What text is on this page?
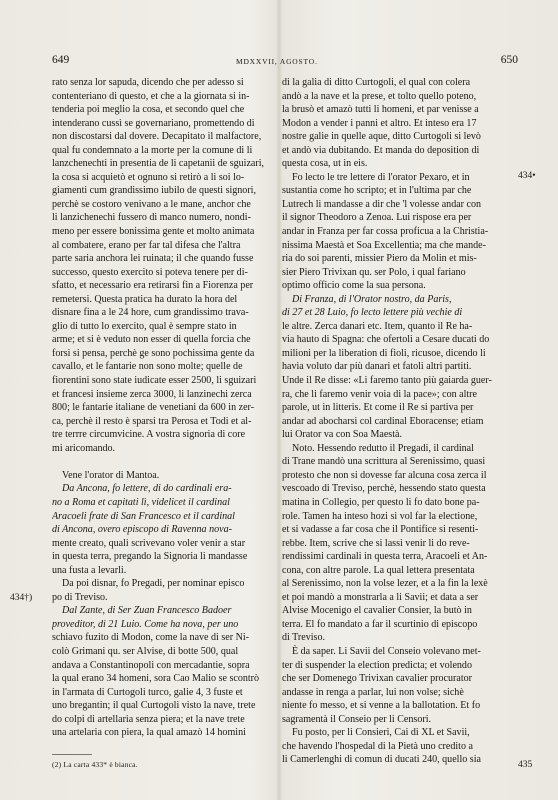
649	MDXXVII, AGOSTO.	650
434†)
434•
435
rato senza lor sapuda, dicendo che per adesso si
contenteriano di questo, et che a la giornata si in-
tenderia poi meglio la cosa, et secondo quel che
intenderano cussì se governariano, promettendo di
non discostarsi dal dovere. Decapitato il malfactore,
qual fu condemnato a la morte per la comune di li
lanzchenechti in presentia de li capetanii de sguizari,
la cosa si acquietò et ognuno si retirò a li soi lo-
giamenti cum grandissimo iubilo de questi signori,
perchè se costoro venivano a le mane, anchor che
li lanzichenechi fussero di manco numero, nondi-
meno per essere bonissima gente et molto animata
al combatere, erano per far tal difesa che l'altra
parte saria anchora lei ruinata; il che quando fusse
successo, questo exercito si poteva tenere per di-
sfatto, et necessario era retirarsi fin a Fiorenza per
remetersi. Questa pratica ha durato la hora del
disnare fina a le 24 hore, cum grandissimo trava-
glio di tutto lo exercito, qual è sempre stato in
arme; et si è veduto non esser di quella forcia che
forsi si pensa, perchè ge sono pochissima gente da
cavallo, et le fantarie non sono molte; quelle de
fiorentini sono state iudicate esser 2500, li sguizari
et francesi insieme zerca 3000, li lanzinechi zerca
800; le fantarie italiane de venetiani da 600 in zer-
ca, perchè il resto è sparsi tra Perosa et Todi et al-
tre terrre circumvicine. A vostra signoria di core
mi aricomando.

Vene l'orator di Mantoa.
Da Ancona, fo lettere, di do cardinali era-
no a Roma et capitati lì, videlicet il cardinal
Aracoeli frate di San Francesco et il cardinal
di Ancona, overo episcopo di Ravenna nova-
mente creato, quali scrivevano voler venir a star
in questa terra, pregando la Signoria li mandasse
una fusta a levarli.
Da poi disnar, fo Pregadi, per nominar episco
po di Treviso.
Dal Zante, di Ser Zuan Francesco Badoer
proveditor, di 21 Luio. Come ha nova, per uno
schiavo fuzito di Modon, come la nave di ser Ni-
colò Grimani qu. ser Alvise, di botte 500, qual
andava a Constantinopoli con mercadantie, sopra
la qual erano 34 homeni, sora Cao Malio se scontrò
in l'armata di Curtogoli turco, galie 4, 3 fuste et
uno bregantin; il qual Curtogoli visto la nave, trete
do colpi di artellaria senza piera; et la nave trete
una artelaria con piera, la qual amazò 14 homini
di la galia di ditto Curtogoli, el qual con colera
andò a la nave et la prese, et tolto quello poteno,
la brusò et amazò tutti li homeni, et par venisse a
Modon a vender i panni et altro. Et inteso era 17
nostre galie in quelle aque, ditto Curtogoli si levò
et andò via dubitando. Et manda do deposition di
questa cosa, ut in eis.
Fo lecto le tre lettere di l'orator Pexaro, et in
sustantia come ho scripto; et in l'ultima par che
Lutrech li mandasse a dir che 'l volesse andar con
il signor Theodoro a Zenoa. Lui rispose era per
andar in Franza per far cossa proficua a la Christia-
nissima Maestà et Soa Excellentia; ma che mande-
ria do soi parenti, missier Piero da Molin et mis-
sier Piero Trivixan qu. ser Polo, i qual fariano
optimo officio come la sua persona.
Di Franza, di l'Orator nostro, da Paris,
di 27 et 28 Luio, fo lecto lettere più vechie di
le altre. Zerca danari etc. Item, quanto il Re ha-
via hauto di Spagna: che ofertoli a Cesare ducati do
milioni per la liberation di fioli, ricusoe, dicendo li
havia voluto dar più danari et fatoli altri partiti.
Unde il Re disse: «Li faremo tanto più gaiarda guer-
ra, che li faremo venir voia di la pace»; con altre
parole, ut in litteris. Et come il Re si partiva per
andar ad abocharsi col cardinal Eboracense; etiam
lui Orator va con Soa Maestà.
Noto. Hessendo redutto il Pregadi, il cardinal
di Trane mandò una scrittura al Serenissimo, quasi
protesto che non si dovesse far alcuna cosa zerca il
vescoado di Treviso, perchè, hessendo stato questa
matina in Collegio, per questo li fo dato bone pa-
role. Tamen ha inteso hozi si vol far la electione,
et si vadasse a far cosa che il Pontifice si resenti-
rebbe. Item, scrive che si lassi venir li do reve-
rendissimi cardinali in questa terra, Aracoeli et An-
cona, con altre parole. La qual lettera presentata
al Serenissimo, non la volse lezer, et a la fin la lexè
et poi mandò a monstrarla a li Savii; et data a ser
Alvise Mocenigo el cavalier Consier, la butò in
terra. El fo mandato a far il scurtinio di episcopo
di Treviso.
È da saper. Li Savii del Conseio volevano met-
ter di suspender la election predicta; et volendo
che ser Domenego Trivixan cavalier procurator
andasse in renga a parlar, lui non volse; sichè
niente fo messo, et si venne a la ballotation. Et fo
sagramentà il Conseio per li Censori.
Fu posto, per li Consieri, Cai di XL et Savii,
che havendo l'hospedal di la Pietà uno credito a
li Camerlenghi di comun di ducati 240, quello sia
(2) La carta 433* è bianca.
